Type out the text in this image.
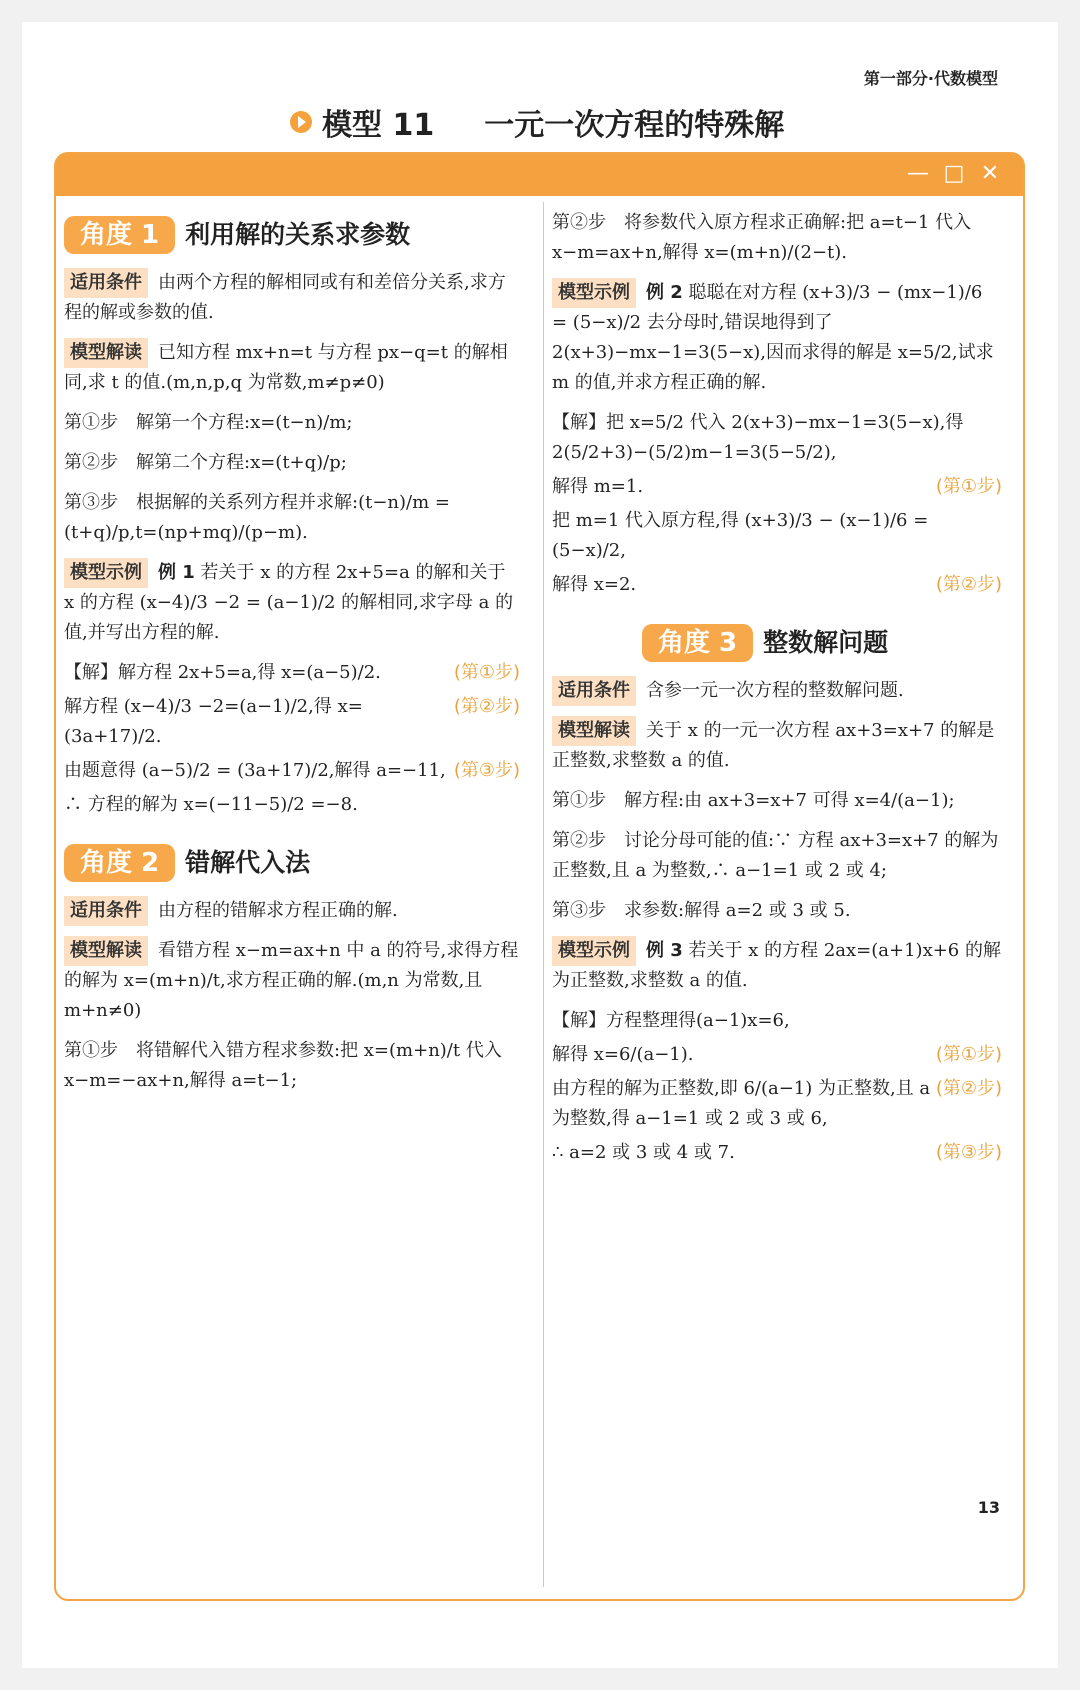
第一部分·代数模型
模型 11 一元一次方程的特殊解
— □ ✕
角度 1	利用解的关系求参数

适用条件 由两个方程的解相同或有和差倍分关系,求方程的解或参数的值.

模型解读 已知方程 mx+n=t 与方程 px−q=t 的解相同,求 t 的值.(m,n,p,q 为常数,m≠p≠0)

第①步　解第一个方程:x=(t−n)/m;

第②步　解第二个方程:x=(t+q)/p;

第③步　根据解的关系列方程并求解:(t−n)/m = (t+q)/p,t=(np+mq)/(p−m).

模型示例 例 1 若关于 x 的方程 2x+5=a 的解和关于 x 的方程 (x−4)/3 −2 = (a−1)/2 的解相同,求字母 a 的值,并写出方程的解.

(第①步)
【解】解方程 2x+5=a,得 x=(a−5)/2.
(第②步)
解方程 (x−4)/3 −2=(a−1)/2,得 x=(3a+17)/2.
(第③步)
由题意得 (a−5)/2 = (3a+17)/2,解得 a=−11,
∴ 方程的解为 x=(−11−5)/2 =−8.
角度 2	错解代入法

适用条件 由方程的错解求方程正确的解.

模型解读 看错方程 x−m=ax+n 中 a 的符号,求得方程的解为 x=(m+n)/t,求方程正确的解.(m,n 为常数,且 m+n≠0)

第①步　将错解代入错方程求参数:把 x=(m+n)/t 代入 x−m=−ax+n,解得 a=t−1;

第②步　将参数代入原方程求正确解:把 a=t−1 代入 x−m=ax+n,解得 x=(m+n)/(2−t).

模型示例 例 2 聪聪在对方程 (x+3)/3 − (mx−1)/6 = (5−x)/2 去分母时,错误地得到了 2(x+3)−mx−1=3(5−x),因而求得的解是 x=5/2,试求 m 的值,并求方程正确的解.

【解】把 x=5/2 代入 2(x+3)−mx−1=3(5−x),得 2(5/2+3)−(5/2)m−1=3(5−5/2),
(第①步)
解得 m=1.
把 m=1 代入原方程,得 (x+3)/3 − (x−1)/6 = (5−x)/2,
(第②步)
解得 x=2.
角度 3	整数解问题

适用条件 含参一元一次方程的整数解问题.

模型解读 关于 x 的一元一次方程 ax+3=x+7 的解是正整数,求整数 a 的值.

第①步　解方程:由 ax+3=x+7 可得 x=4/(a−1);

第②步　讨论分母可能的值:∵ 方程 ax+3=x+7 的解为正整数,且 a 为整数,∴ a−1=1 或 2 或 4;

第③步　求参数:解得 a=2 或 3 或 5.

模型示例 例 3 若关于 x 的方程 2ax=(a+1)x+6 的解为正整数,求整数 a 的值.

【解】方程整理得(a−1)x=6,
(第①步)
解得 x=6/(a−1).
(第②步)
由方程的解为正整数,即 6/(a−1) 为正整数,且 a 为整数,得 a−1=1 或 2 或 3 或 6,
(第③步)
∴ a=2 或 3 或 4 或 7.
13
